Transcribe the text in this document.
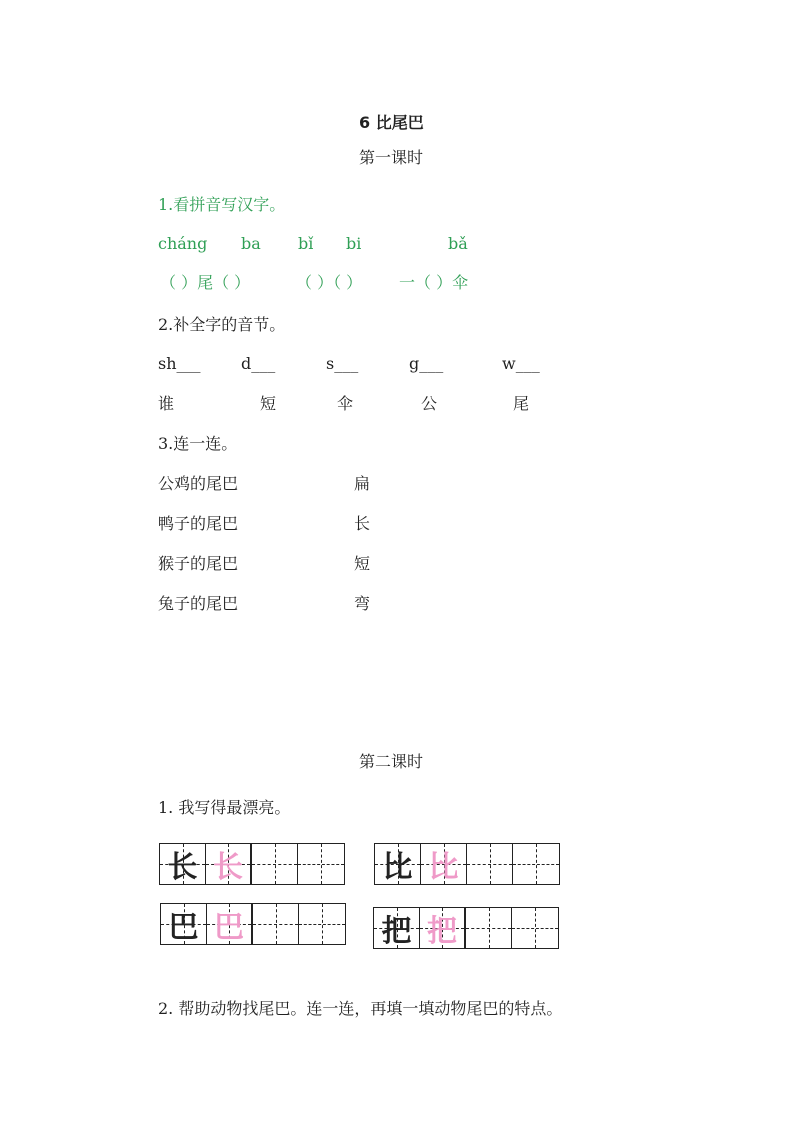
6 比尾巴
第一课时
1.看拼音写汉字。
cháng ba bǐ bi	bǎ
（ ）尾（ ）	（ ）（ ） 一（ ）伞
2.补全字的音节。
sh___	d___	s___	g___	w___
谁	短	伞	公	尾
3.连一连。
公鸡的尾巴
鸭子的尾巴
猴子的尾巴
兔子的尾巴
扁
长
短
弯
第二课时
1. 我写得最漂亮。
长 长	比 比
巴 巴	把 把
2. 帮助动物找尾巴。连一连，再填一填动物尾巴的特点。
